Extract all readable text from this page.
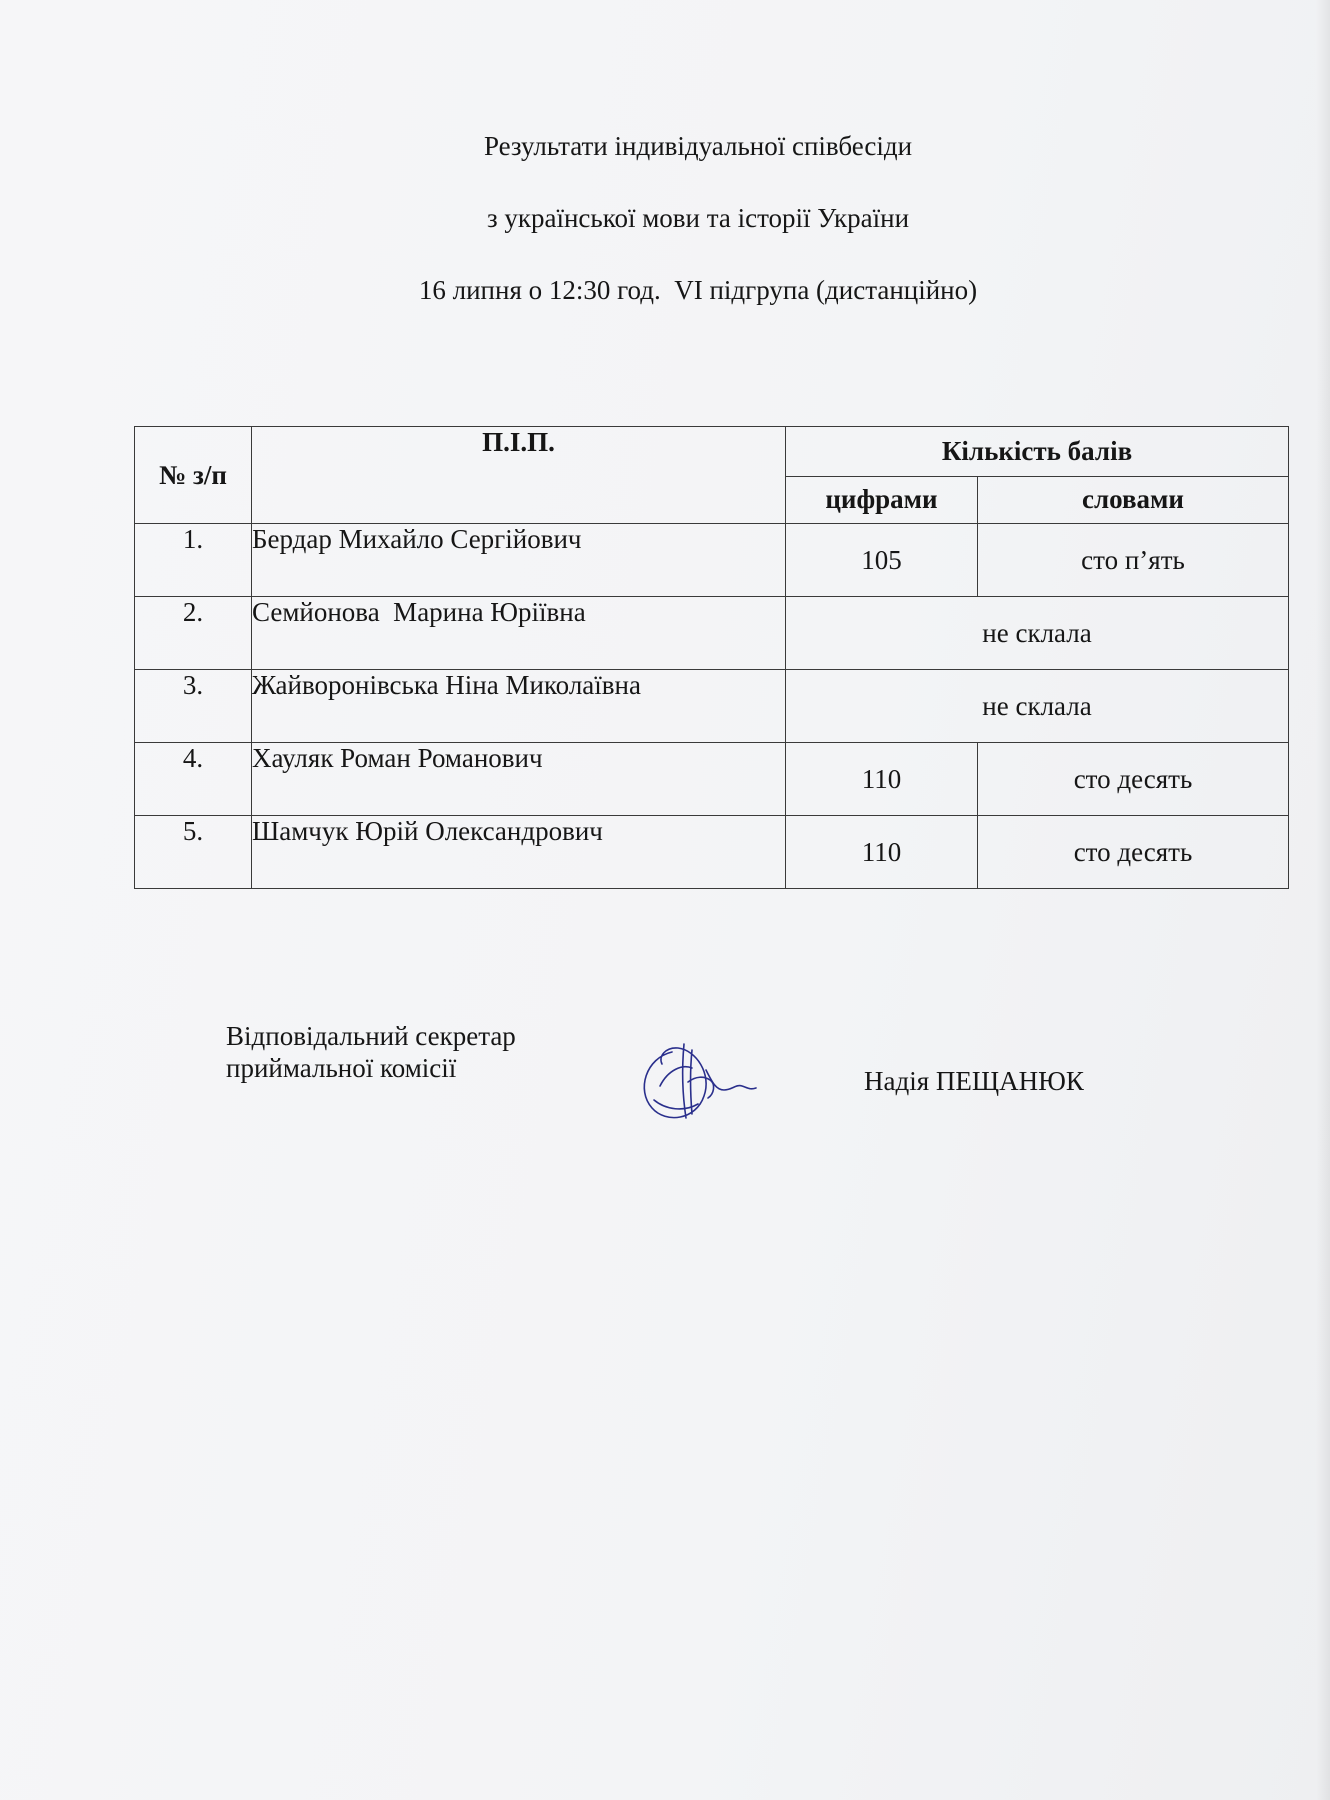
Результати індивідуальної співбесіди
з української мови та історії України
16 липня о 12:30 год.  VI підгрупа (дистанційно)
№ з/п	П.І.П.	Кількість балів	
		цифрами	словами
1.	Бердар Михайло Сергійович	105	сто п’ять
2.	Семйонова  Марина Юріївна	не склала	
3.	Жайворонівська Ніна Миколаївна	не склала	
4.	Хауляк Роман Романович	110	сто десять
5.	Шамчук Юрій Олександрович	110	сто десять
Відповідальний секретар
приймальної комісії	Надія ПЕЩАНЮК
